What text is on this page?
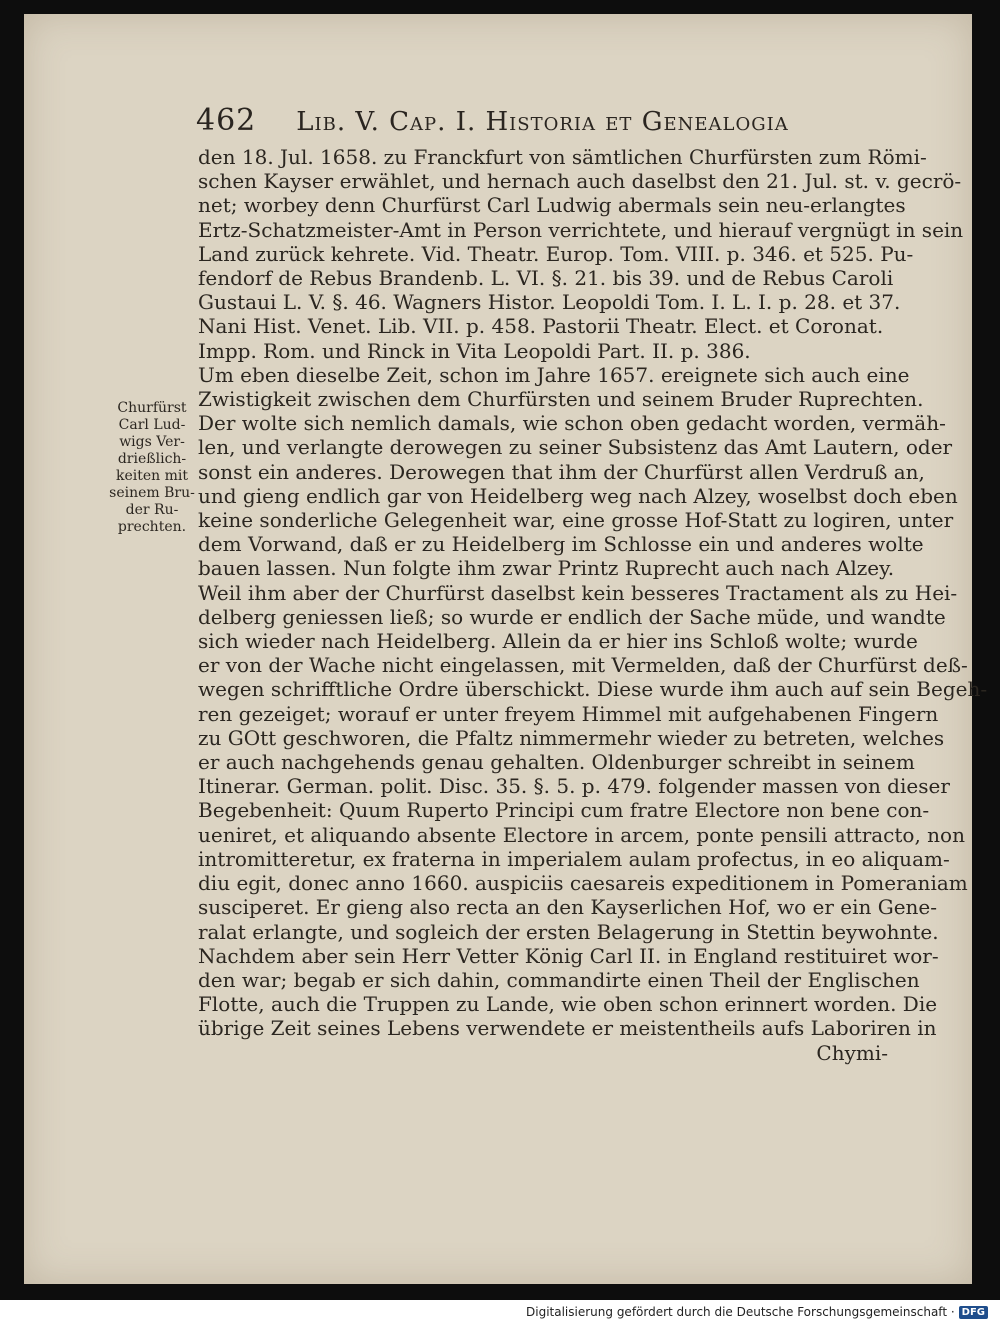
462 Lib. V. Cap. I. Historia et Genealogia
Churfürst
Carl Lud-
wigs Ver-
drießlich-
keiten mit
seinem Bru-
der Ru-
prechten.
den 18. Jul. 1658. zu Franckfurt von sämtlichen Churfürsten zum Römi-
schen Kayser erwählet, und hernach auch daselbst den 21. Jul. st. v. gecrö-
net; worbey denn Churfürst Carl Ludwig abermals sein neu-erlangtes
Ertz-Schatzmeister-Amt in Person verrichtete, und hierauf vergnügt in sein
Land zurück kehrete. Vid. Theatr. Europ. Tom. VIII. p. 346. et 525. Pu-
fendorf de Rebus Brandenb. L. VI. §. 21. bis 39. und de Rebus Caroli
Gustaui L. V. §. 46. Wagners Histor. Leopoldi Tom. I. L. I. p. 28. et 37.
Nani Hist. Venet. Lib. VII. p. 458. Pastorii Theatr. Elect. et Coronat.
Impp. Rom. und Rinck in Vita Leopoldi Part. II. p. 386.
Um eben dieselbe Zeit, schon im Jahre 1657. ereignete sich auch eine
Zwistigkeit zwischen dem Churfürsten und seinem Bruder Ruprechten.
Der wolte sich nemlich damals, wie schon oben gedacht worden, vermäh-
len, und verlangte derowegen zu seiner Subsistenz das Amt Lautern, oder
sonst ein anderes. Derowegen that ihm der Churfürst allen Verdruß an,
und gieng endlich gar von Heidelberg weg nach Alzey, woselbst doch eben
keine sonderliche Gelegenheit war, eine grosse Hof-Statt zu logiren, unter
dem Vorwand, daß er zu Heidelberg im Schlosse ein und anderes wolte
bauen lassen. Nun folgte ihm zwar Printz Ruprecht auch nach Alzey.
Weil ihm aber der Churfürst daselbst kein besseres Tractament als zu Hei-
delberg geniessen ließ; so wurde er endlich der Sache müde, und wandte
sich wieder nach Heidelberg. Allein da er hier ins Schloß wolte; wurde
er von der Wache nicht eingelassen, mit Vermelden, daß der Churfürst deß-
wegen schrifftliche Ordre überschickt. Diese wurde ihm auch auf sein Begeh-
ren gezeiget; worauf er unter freyem Himmel mit aufgehabenen Fingern
zu GOtt geschworen, die Pfaltz nimmermehr wieder zu betreten, welches
er auch nachgehends genau gehalten. Oldenburger schreibt in seinem
Itinerar. German. polit. Disc. 35. §. 5. p. 479. folgender massen von dieser
Begebenheit: Quum Ruperto Principi cum fratre Electore non bene con-
ueniret, et aliquando absente Electore in arcem, ponte pensili attracto, non
intromitteretur, ex fraterna in imperialem aulam profectus, in eo aliquam-
diu egit, donec anno 1660. auspiciis caesareis expeditionem in Pomeraniam
susciperet. Er gieng also recta an den Kayserlichen Hof, wo er ein Gene-
ralat erlangte, und sogleich der ersten Belagerung in Stettin beywohnte.
Nachdem aber sein Herr Vetter König Carl II. in England restituiret wor-
den war; begab er sich dahin, commandirte einen Theil der Englischen
Flotte, auch die Truppen zu Lande, wie oben schon erinnert worden. Die
übrige Zeit seines Lebens verwendete er meistentheils aufs Laboriren in
Chymi-
Digitalisierung gefördert durch die Deutsche Forschungsgemeinschaft · DFG
